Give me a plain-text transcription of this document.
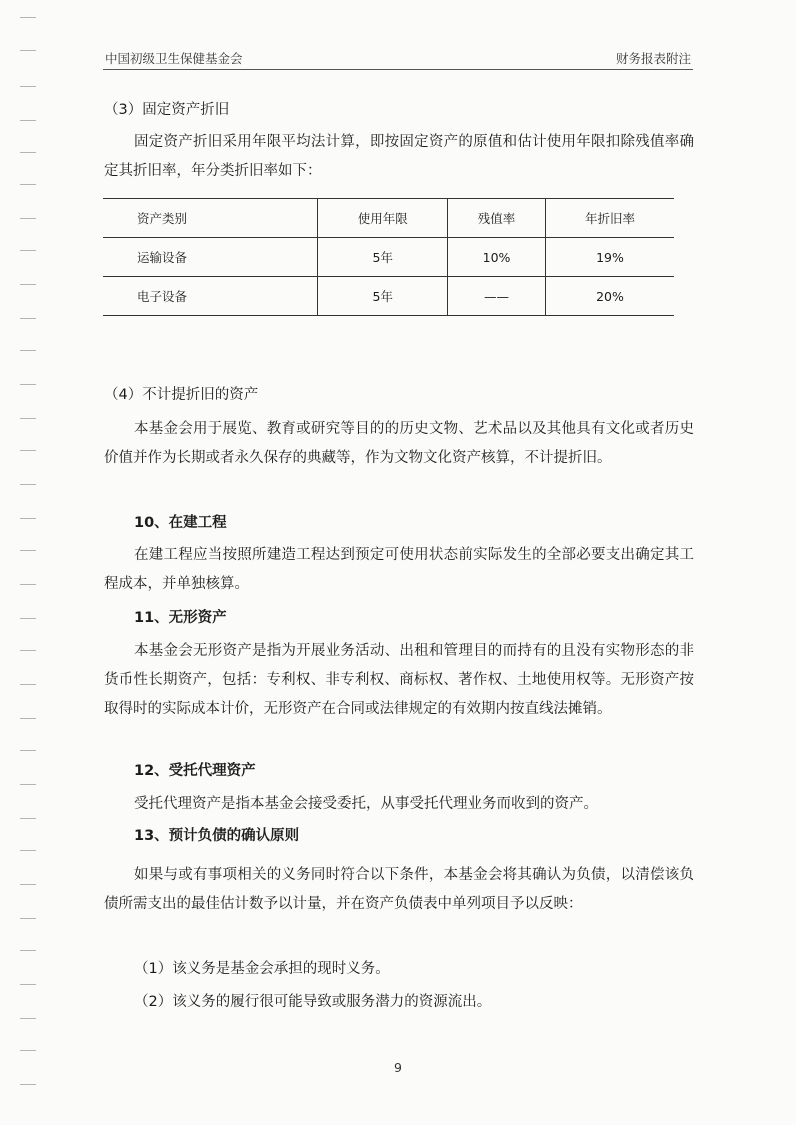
中国初级卫生保健基金会	财务报表附注
（3）固定资产折旧
固定资产折旧采用年限平均法计算，即按固定资产的原值和估计使用年限扣除残值率确定其折旧率，年分类折旧率如下：
资产类别	使用年限	残值率	年折旧率
运输设备	5年	10%	19%
电子设备	5年	——	20%
（4）不计提折旧的资产
本基金会用于展览、教育或研究等目的的历史文物、艺术品以及其他具有文化或者历史价值并作为长期或者永久保存的典藏等，作为文物文化资产核算，不计提折旧。
10、在建工程
在建工程应当按照所建造工程达到预定可使用状态前实际发生的全部必要支出确定其工程成本，并单独核算。
11、无形资产
本基金会无形资产是指为开展业务活动、出租和管理目的而持有的且没有实物形态的非货币性长期资产，包括：专利权、非专利权、商标权、著作权、土地使用权等。无形资产按取得时的实际成本计价，无形资产在合同或法律规定的有效期内按直线法摊销。
12、受托代理资产
受托代理资产是指本基金会接受委托，从事受托代理业务而收到的资产。
13、预计负债的确认原则
如果与或有事项相关的义务同时符合以下条件，本基金会将其确认为负债，以清偿该负债所需支出的最佳估计数予以计量，并在资产负债表中单列项目予以反映：
（1）该义务是基金会承担的现时义务。
（2）该义务的履行很可能导致或服务潜力的资源流出。
9
